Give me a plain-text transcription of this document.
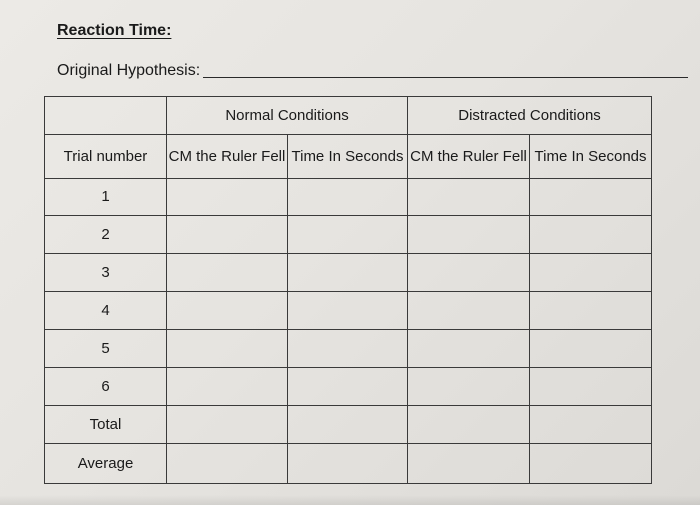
Reaction Time:
Original Hypothesis:
	Normal Conditions		Distracted Conditions	
Trial number	CM the Ruler Fell	Time In Seconds	CM the Ruler Fell	Time In Seconds
1				
2				
3				
4				
5				
6				
Total				
Average				
